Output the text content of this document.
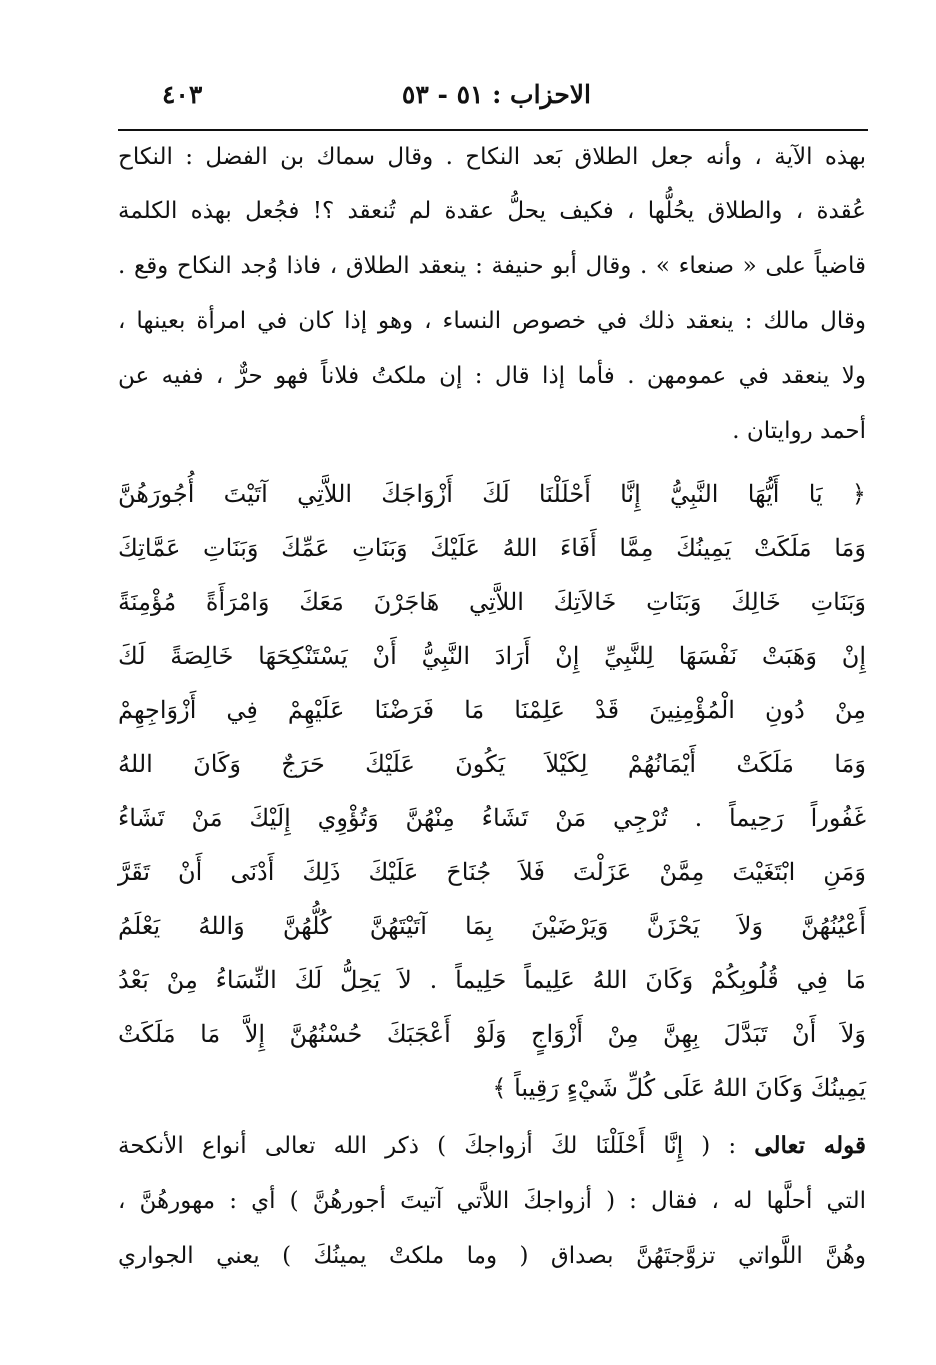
الاحزاب : ٥١ - ٥٣
٤٠٣
بهذه الآية ، وأنه جعل الطلاق بَعد النكاح . وقال سماك بن الفضل : النكاح
عُقدة ، والطلاق يحُلُّها ، فكيف يحلُّ عقدة لم تُنعقد ؟! فجُعل بهذه الكلمة
قاضياً على « صنعاء » . وقال أبو حنيفة : ينعقد الطلاق ، فاذا وُجد النكاح وقع .
وقال مالك : ينعقد ذلك في خصوص النساء ، وهو إذا كان في امرأة بعينها ،
ولا ينعقد في عمومهن . فأما إذا قال : إن ملكتُ فلاناً فهو حرٌّ ، ففيه عن
أحمد روايتان .
﴿ يَا أَيُّهَا النَّبِيُّ إِنَّا أَحْلَلْنَا لَكَ أَزْوَاجَكَ اللاَّتِي آتَيْتَ أُجُورَهُنَّ
وَمَا مَلَكَتْ يَمِينُكَ مِمَّا أَفَاءَ اللهُ عَلَيْكَ وَبَنَاتِ عَمِّكَ وَبَنَاتِ عَمَّاتِكَ
وَبَنَاتِ خَالِكَ وَبَنَاتِ خَالاَتِكَ اللاَّتِي هَاجَرْنَ مَعَكَ وَامْرَأَةً مُؤْمِنَةً
إِنْ وَهَبَتْ نَفْسَهَا لِلنَّبِيِّ إِنْ أَرَادَ النَّبِيُّ أَنْ يَسْتَنْكِحَهَا خَالِصَةً لَكَ
مِنْ دُونِ الْمُؤْمِنِينَ قَدْ عَلِمْنَا مَا فَرَضْنَا عَلَيْهِمْ فِي أَزْوَاجِهِمْ
وَمَا مَلَكَتْ أَيْمَانُهُمْ لِكَيْلاَ يَكُونَ عَلَيْكَ حَرَجٌ وَكَانَ اللهُ
غَفُوراً رَحِيماً . تُرْجِي مَنْ تَشَاءُ مِنْهُنَّ وَتُؤْوِي إِلَيْكَ مَنْ تَشَاءُ
وَمَنِ ابْتَغَيْتَ مِمَّنْ عَزَلْتَ فَلاَ جُنَاحَ عَلَيْكَ ذَلِكَ أَدْنَى أَنْ تَقَرَّ
أَعْيُنُهُنَّ وَلاَ يَحْزَنَّ وَيَرْضَيْنَ بِمَا آتَيْتَهُنَّ كُلُّهُنَّ وَاللهُ يَعْلَمُ
مَا فِي قُلُوبِكُمْ وَكَانَ اللهُ عَلِيماً حَلِيماً . لاَ يَحِلُّ لَكَ النِّسَاءُ مِنْ بَعْدُ
وَلاَ أَنْ تَبَدَّلَ بِهِنَّ مِنْ أَزْوَاجٍ وَلَوْ أَعْجَبَكَ حُسْنُهُنَّ إِلاَّ مَا مَلَكَتْ
يَمِينُكَ وَكَانَ اللهُ عَلَى كُلِّ شَيْءٍ رَقِيباً ﴾
قوله تعالى : ( إِنَّا أَحْلَلْنَا لكَ أزواجكَ ) ذكر الله تعالى أنواع الأنكحة
التي أحلَّها له ، فقال : ( أزواجكَ اللاَّتي آتيتَ أجورهُنَّ ) أي : مهورهُنَّ ،
وهُنَّ اللَّواتي تزوَّجتَهُنَّ بصداق ( وما ملكتْ يمينُكَ ) يعني الجواري
